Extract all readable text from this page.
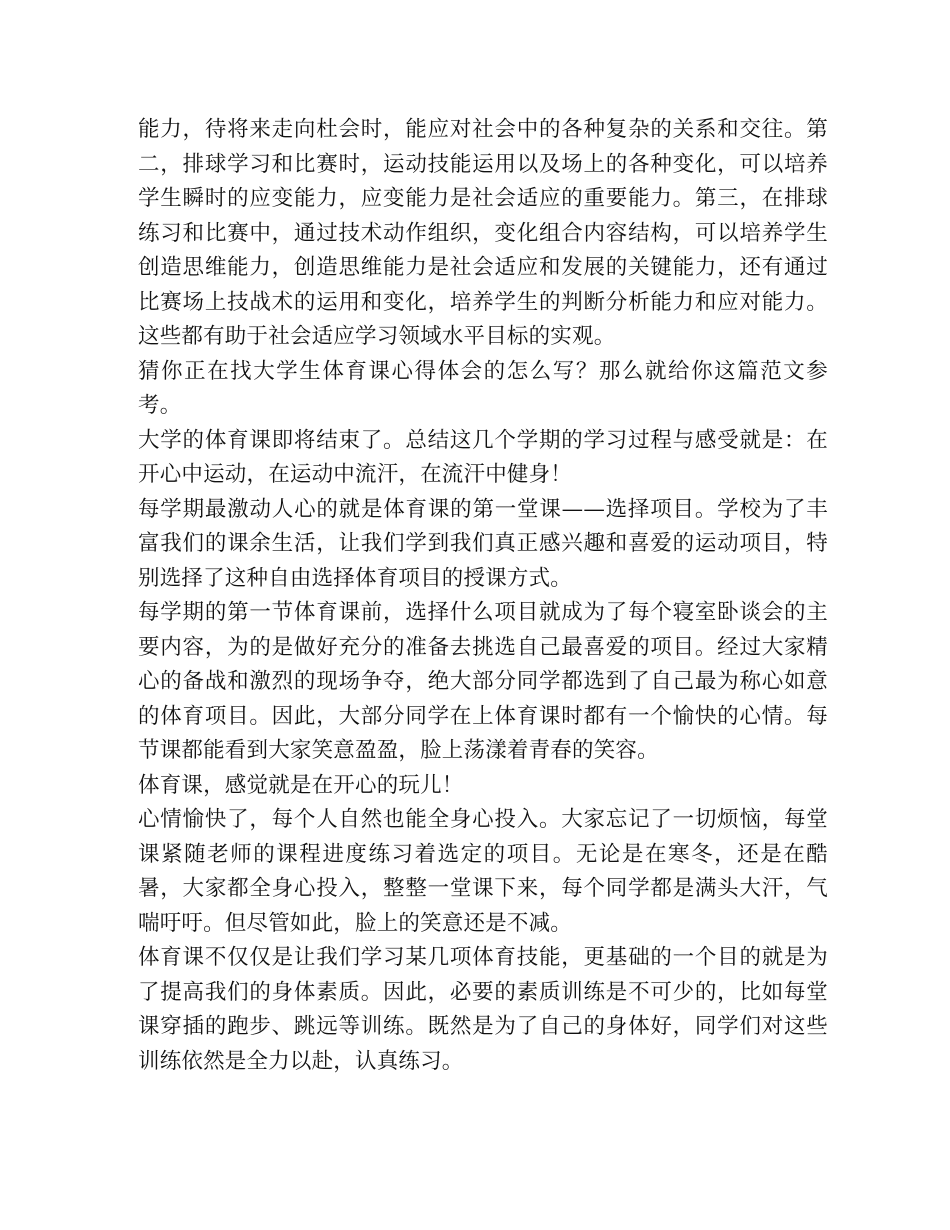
能力，待将来走向杜会时，能应对社会中的各种复杂的关系和交往。第二，排球学习和比赛时，运动技能运用以及场上的各种变化，可以培养学生瞬时的应变能力，应变能力是社会适应的重要能力。第三，在排球练习和比赛中，通过技术动作组织，变化组合内容结构，可以培养学生创造思维能力，创造思维能力是社会适应和发展的关键能力，还有通过比赛场上技战术的运用和变化，培养学生的判断分析能力和应对能力。这些都有助于社会适应学习领域水平目标的实观。

猜你正在找大学生体育课心得体会的怎么写？那么就给你这篇范文参考。

大学的体育课即将结束了。总结这几个学期的学习过程与感受就是：在开心中运动，在运动中流汗，在流汗中健身！

每学期最激动人心的就是体育课的第一堂课——选择项目。学校为了丰富我们的课余生活，让我们学到我们真正感兴趣和喜爱的运动项目，特别选择了这种自由选择体育项目的授课方式。

每学期的第一节体育课前，选择什么项目就成为了每个寝室卧谈会的主要内容，为的是做好充分的准备去挑选自己最喜爱的项目。经过大家精心的备战和激烈的现场争夺，绝大部分同学都选到了自己最为称心如意的体育项目。因此，大部分同学在上体育课时都有一个愉快的心情。每节课都能看到大家笑意盈盈，脸上荡漾着青春的笑容。

体育课，感觉就是在开心的玩儿！

心情愉快了，每个人自然也能全身心投入。大家忘记了一切烦恼，每堂课紧随老师的课程进度练习着选定的项目。无论是在寒冬，还是在酷暑，大家都全身心投入，整整一堂课下来，每个同学都是满头大汗，气喘吁吁。但尽管如此，脸上的笑意还是不减。

体育课不仅仅是让我们学习某几项体育技能，更基础的一个目的就是为了提高我们的身体素质。因此，必要的素质训练是不可少的，比如每堂课穿插的跑步、跳远等训练。既然是为了自己的身体好，同学们对这些训练依然是全力以赴，认真练习。
